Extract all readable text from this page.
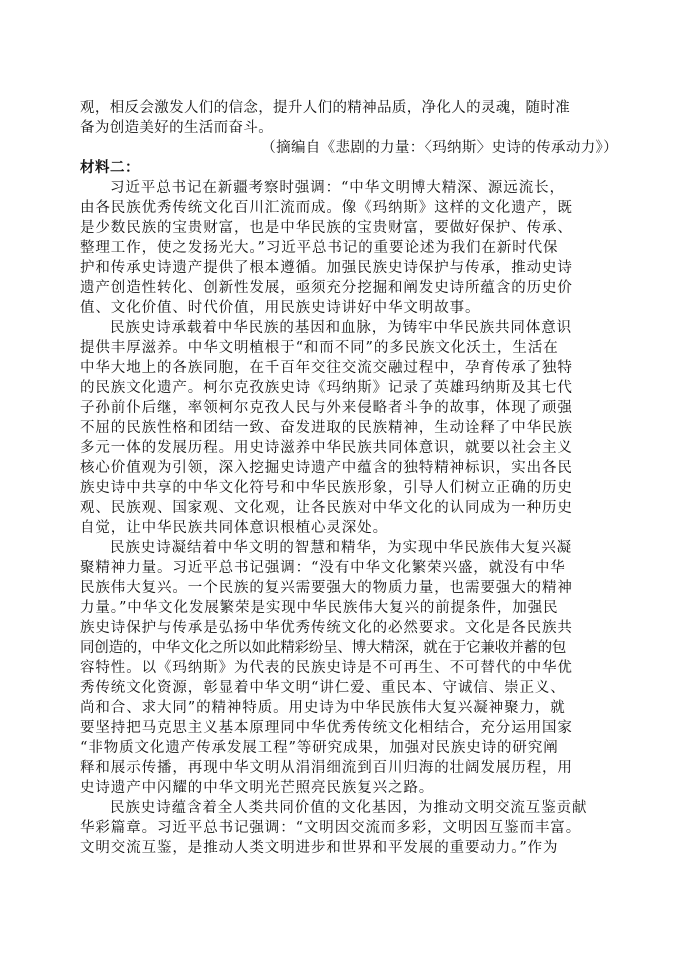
观，相反会激发人们的信念，提升人们的精神品质，净化人的灵魂，随时准
备为创造美好的生活而奋斗。
（摘编自《悲剧的力量：〈玛纳斯〉史诗的传承动力》）
材料二：
习近平总书记在新疆考察时强调：“中华文明博大精深、源远流长，
由各民族优秀传统文化百川汇流而成。像《玛纳斯》这样的文化遗产，既
是少数民族的宝贵财富，也是中华民族的宝贵财富，要做好保护、传承、
整理工作，使之发扬光大。”习近平总书记的重要论述为我们在新时代保
护和传承史诗遗产提供了根本遵循。加强民族史诗保护与传承，推动史诗
遗产创造性转化、创新性发展，亟须充分挖掘和阐发史诗所蕴含的历史价
值、文化价值、时代价值，用民族史诗讲好中华文明故事。
民族史诗承载着中华民族的基因和血脉，为铸牢中华民族共同体意识
提供丰厚滋养。中华文明植根于“和而不同”的多民族文化沃土，生活在
中华大地上的各族同胞，在千百年交往交流交融过程中，孕育传承了独特
的民族文化遗产。柯尔克孜族史诗《玛纳斯》记录了英雄玛纳斯及其七代
子孙前仆后继，率领柯尔克孜人民与外来侵略者斗争的故事，体现了顽强
不屈的民族性格和团结一致、奋发进取的民族精神，生动诠释了中华民族
多元一体的发展历程。用史诗滋养中华民族共同体意识，就要以社会主义
核心价值观为引领，深入挖掘史诗遗产中蕴含的独特精神标识，实出各民
族史诗中共享的中华文化符号和中华民族形象，引导人们树立正确的历史
观、民族观、国家观、文化观，让各民族对中华文化的认同成为一种历史
自觉，让中华民族共同体意识根植心灵深处。
民族史诗凝结着中华文明的智慧和精华，为实现中华民族伟大复兴凝
聚精神力量。习近平总书记强调：“没有中华文化繁荣兴盛，就没有中华
民族伟大复兴。一个民族的复兴需要强大的物质力量，也需要强大的精神
力量。”中华文化发展繁荣是实现中华民族伟大复兴的前提条件，加强民
族史诗保护与传承是弘扬中华优秀传统文化的必然要求。文化是各民族共
同创造的，中华文化之所以如此精彩纷呈、博大精深，就在于它兼收并蓄的包
容特性。以《玛纳斯》为代表的民族史诗是不可再生、不可替代的中华优
秀传统文化资源，彰显着中华文明“讲仁爱、重民本、守诚信、崇正义、
尚和合、求大同”的精神特质。用史诗为中华民族伟大复兴凝神聚力，就
要坚持把马克思主义基本原理同中华优秀传统文化相结合，充分运用国家
“非物质文化遗产传承发展工程”等研究成果，加强对民族史诗的研究阐
释和展示传播，再现中华文明从涓涓细流到百川归海的壮阔发展历程，用
史诗遗产中闪耀的中华文明光芒照亮民族复兴之路。
民族史诗蕴含着全人类共同价值的文化基因，为推动文明交流互鉴贡献
华彩篇章。习近平总书记强调：“文明因交流而多彩，文明因互鉴而丰富。
文明交流互鉴，是推动人类文明进步和世界和平发展的重要动力。”作为
